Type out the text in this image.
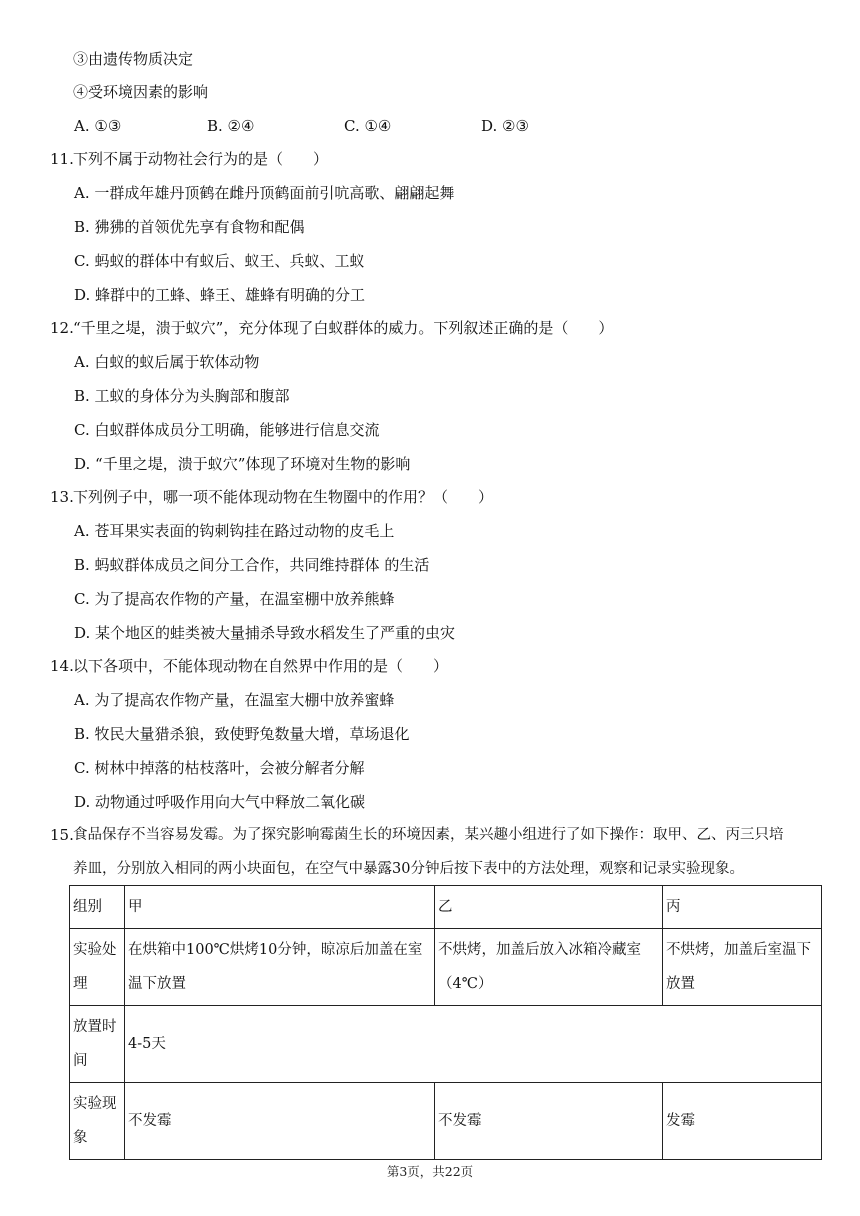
③由遗传物质决定
④受环境因素的影响
A. ①③	B. ②④	C. ①④	D. ②③
11. 下列不属于动物社会行为的是（　　）
A. 一群成年雄丹顶鹤在雌丹顶鹤面前引吭高歌、翩翩起舞
B. 狒狒的首领优先享有食物和配偶
C. 蚂蚁的群体中有蚁后、蚁王、兵蚁、工蚁
D. 蜂群中的工蜂、蜂王、雄蜂有明确的分工
12. “千里之堤，溃于蚁穴”，充分体现了白蚁群体的威力。下列叙述正确的是（　　）
A. 白蚁的蚁后属于软体动物
B. 工蚁的身体分为头胸部和腹部
C. 白蚁群体成员分工明确，能够进行信息交流
D. “千里之堤，溃于蚁穴”体现了环境对生物的影响
13. 下列例子中，哪一项不能体现动物在生物圈中的作用？（　　）
A. 苍耳果实表面的钩刺钩挂在路过动物的皮毛上
B. 蚂蚁群体成员之间分工合作，共同维持群体 的生活
C. 为了提高农作物的产量，在温室棚中放养熊蜂
D. 某个地区的蛙类被大量捕杀导致水稻发生了严重的虫灾
14. 以下各项中，不能体现动物在自然界中作用的是（　　）
A. 为了提高农作物产量，在温室大棚中放养蜜蜂
B. 牧民大量猎杀狼，致使野兔数量大增，草场退化
C. 树林中掉落的枯枝落叶，会被分解者分解
D. 动物通过呼吸作用向大气中释放二氧化碳
15. 食品保存不当容易发霉。为了探究影响霉菌生长的环境因素，某兴趣小组进行了如下操作：取甲、乙、丙三只培
养皿，分别放入相同的两小块面包，在空气中暴露30分钟后按下表中的方法处理，观察和记录实验现象。
组别	甲	乙	丙
实验处理	在烘箱中100℃烘烤10分钟，晾凉后加盖在室温下放置	不烘烤，加盖后放入冰箱冷藏室（4℃）	不烘烤，加盖后室温下放置
放置时间	4-5天		
实验现象	不发霉	不发霉	发霉
第3页，共22页
